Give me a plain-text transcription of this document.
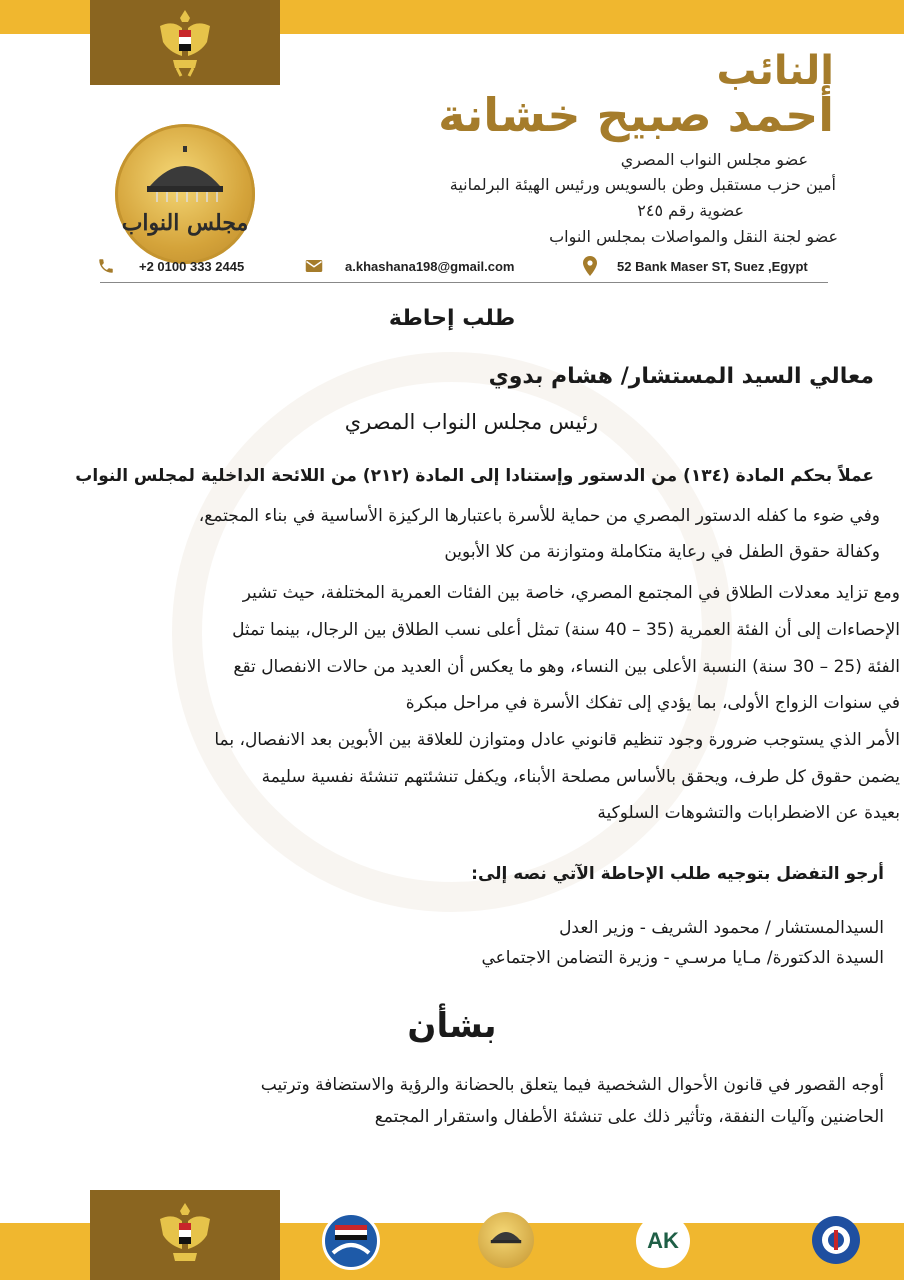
مجلس النواب
النائب
أحمد صبيح خشانة
عضو مجلس النواب المصري
أمين حزب مستقبل وطن بالسويس ورئيس الهيئة البرلمانية
عضوية رقم ٢٤٥
عضو لجنة النقل والمواصلات بمجلس النواب
+2 0100 333 2445	a.khashana198@gmail.com	52 Bank Maser ST, Suez ,Egypt
طلب إحاطة
معالي السيد المستشار/ هشام بدوي
رئيس مجلس النواب المصري
عملاً بحكم المادة (١٣٤) من الدستور وإستنادا إلى المادة (٢١٢) من اللائحة الداخلية لمجلس النواب
وفي ضوء ما كفله الدستور المصري من حماية للأسرة باعتبارها الركيزة الأساسية في بناء المجتمع،
وكفالة حقوق الطفل في رعاية متكاملة ومتوازنة من كلا الأبوين
ومع تزايد معدلات الطلاق في المجتمع المصري، خاصة بين الفئات العمرية المختلفة، حيث تشير
الإحصاءات إلى أن الفئة العمرية (35 – 40 سنة) تمثل أعلى نسب الطلاق بين الرجال، بينما تمثل
الفئة (25 – 30 سنة) النسبة الأعلى بين النساء، وهو ما يعكس أن العديد من حالات الانفصال تقع
في سنوات الزواج الأولى، بما يؤدي إلى تفكك الأسرة في مراحل مبكرة
الأمر الذي يستوجب ضرورة وجود تنظيم قانوني عادل ومتوازن للعلاقة بين الأبوين بعد الانفصال، بما
يضمن حقوق كل طرف، ويحقق بالأساس مصلحة الأبناء، ويكفل تنشئتهم تنشئة نفسية سليمة
بعيدة عن الاضطرابات والتشوهات السلوكية
أرجو التفضل بتوجيه طلب الإحاطة الآتي نصه إلى:
السيدالمستشار / محمود الشريف - وزير العدل
السيدة الدكتورة/ مـايا مرسـي - وزيرة التضامن الاجتماعي
بشأن
أوجه القصور في قانون الأحوال الشخصية فيما يتعلق بالحضانة والرؤية والاستضافة وترتيب
الحاضنين وآليات النفقة، وتأثير ذلك على تنشئة الأطفال واستقرار المجتمع
AK
